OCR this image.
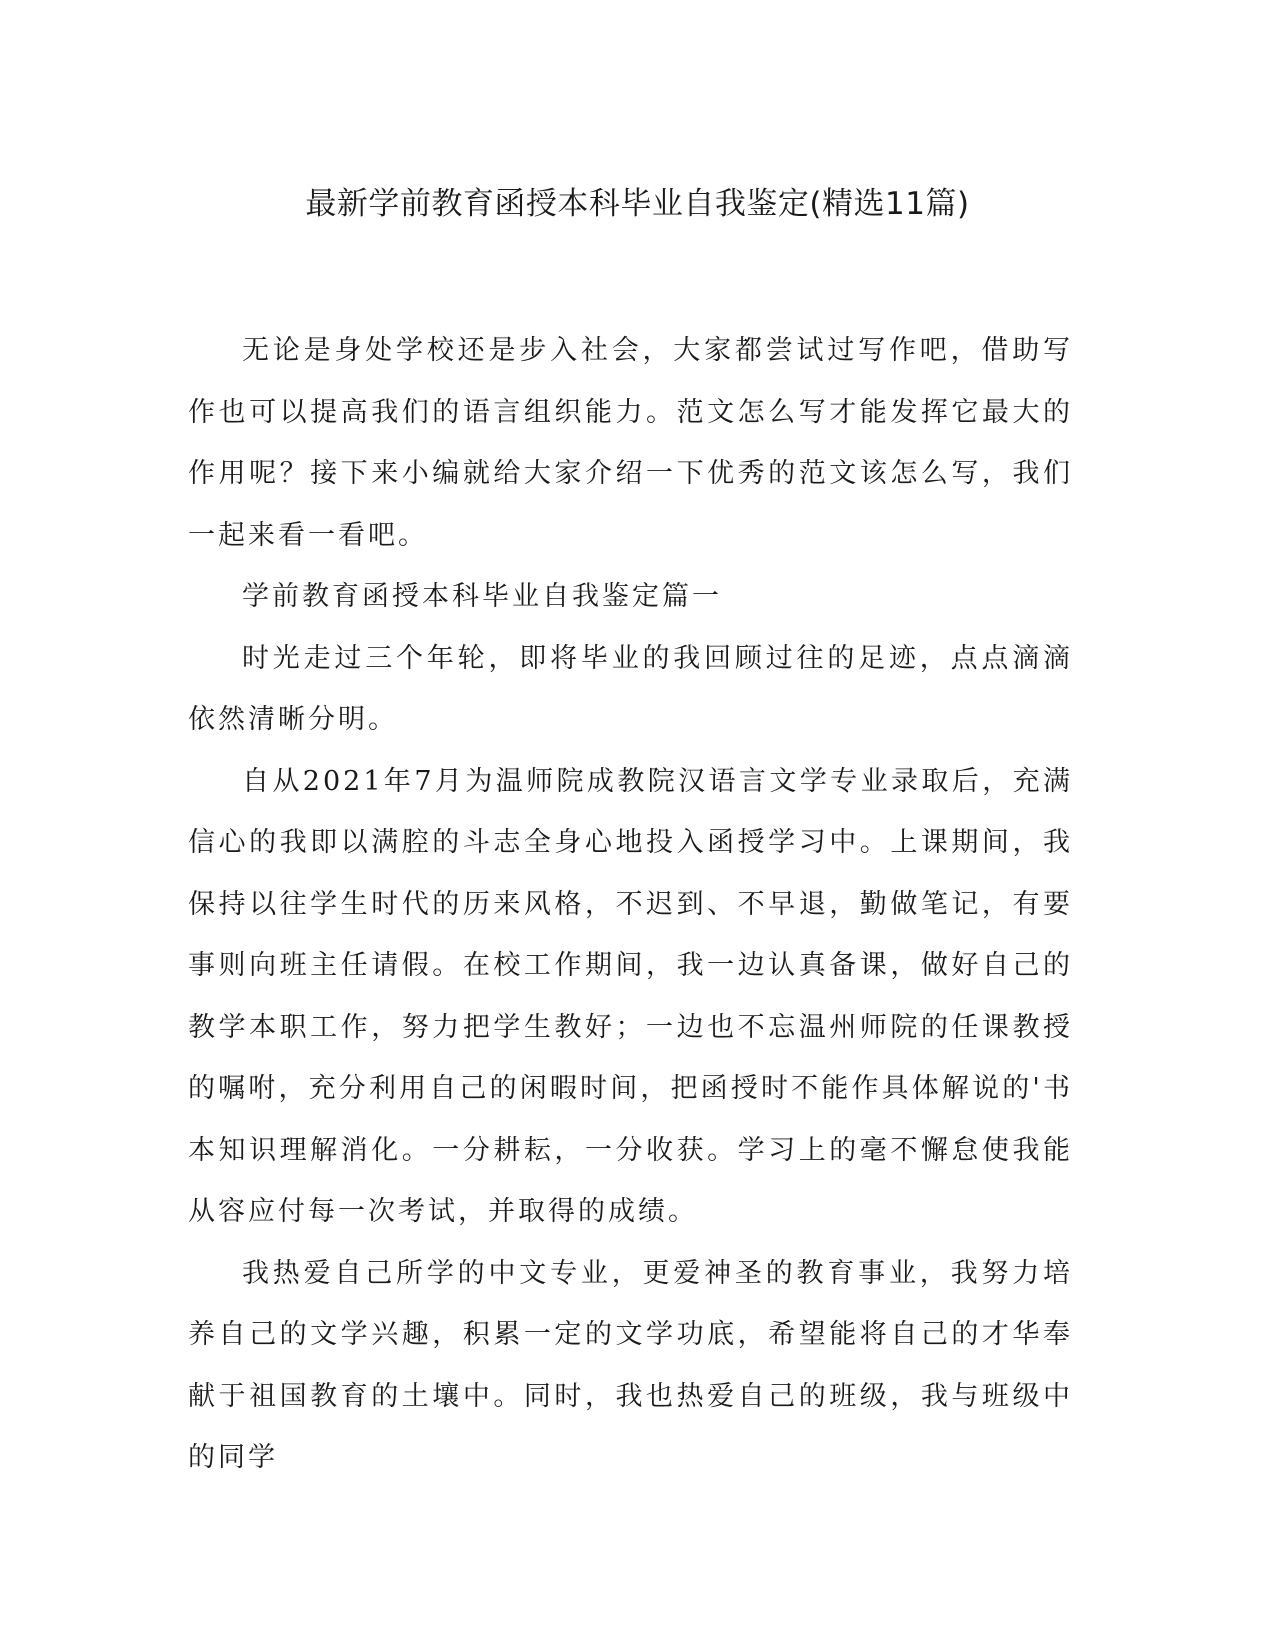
最新学前教育函授本科毕业自我鉴定(精选11篇)

无论是身处学校还是步入社会，大家都尝试过写作吧，借助写作也可以提高我们的语言组织能力。范文怎么写才能发挥它最大的作用呢？接下来小编就给大家介绍一下优秀的范文该怎么写，我们一起来看一看吧。

学前教育函授本科毕业自我鉴定篇一

时光走过三个年轮，即将毕业的我回顾过往的足迹，点点滴滴依然清晰分明。

自从2021年7月为温师院成教院汉语言文学专业录取后，充满信心的我即以满腔的斗志全身心地投入函授学习中。上课期间，我保持以往学生时代的历来风格，不迟到、不早退，勤做笔记，有要事则向班主任请假。在校工作期间，我一边认真备课，做好自己的教学本职工作，努力把学生教好；一边也不忘温州师院的任课教授的嘱咐，充分利用自己的闲暇时间，把函授时不能作具体解说的'书本知识理解消化。一分耕耘，一分收获。学习上的毫不懈怠使我能从容应付每一次考试，并取得的成绩。

我热爱自己所学的中文专业，更爱神圣的教育事业，我努力培养自己的文学兴趣，积累一定的文学功底，希望能将自己的才华奉献于祖国教育的土壤中。同时，我也热爱自己的班级，我与班级中的同学
